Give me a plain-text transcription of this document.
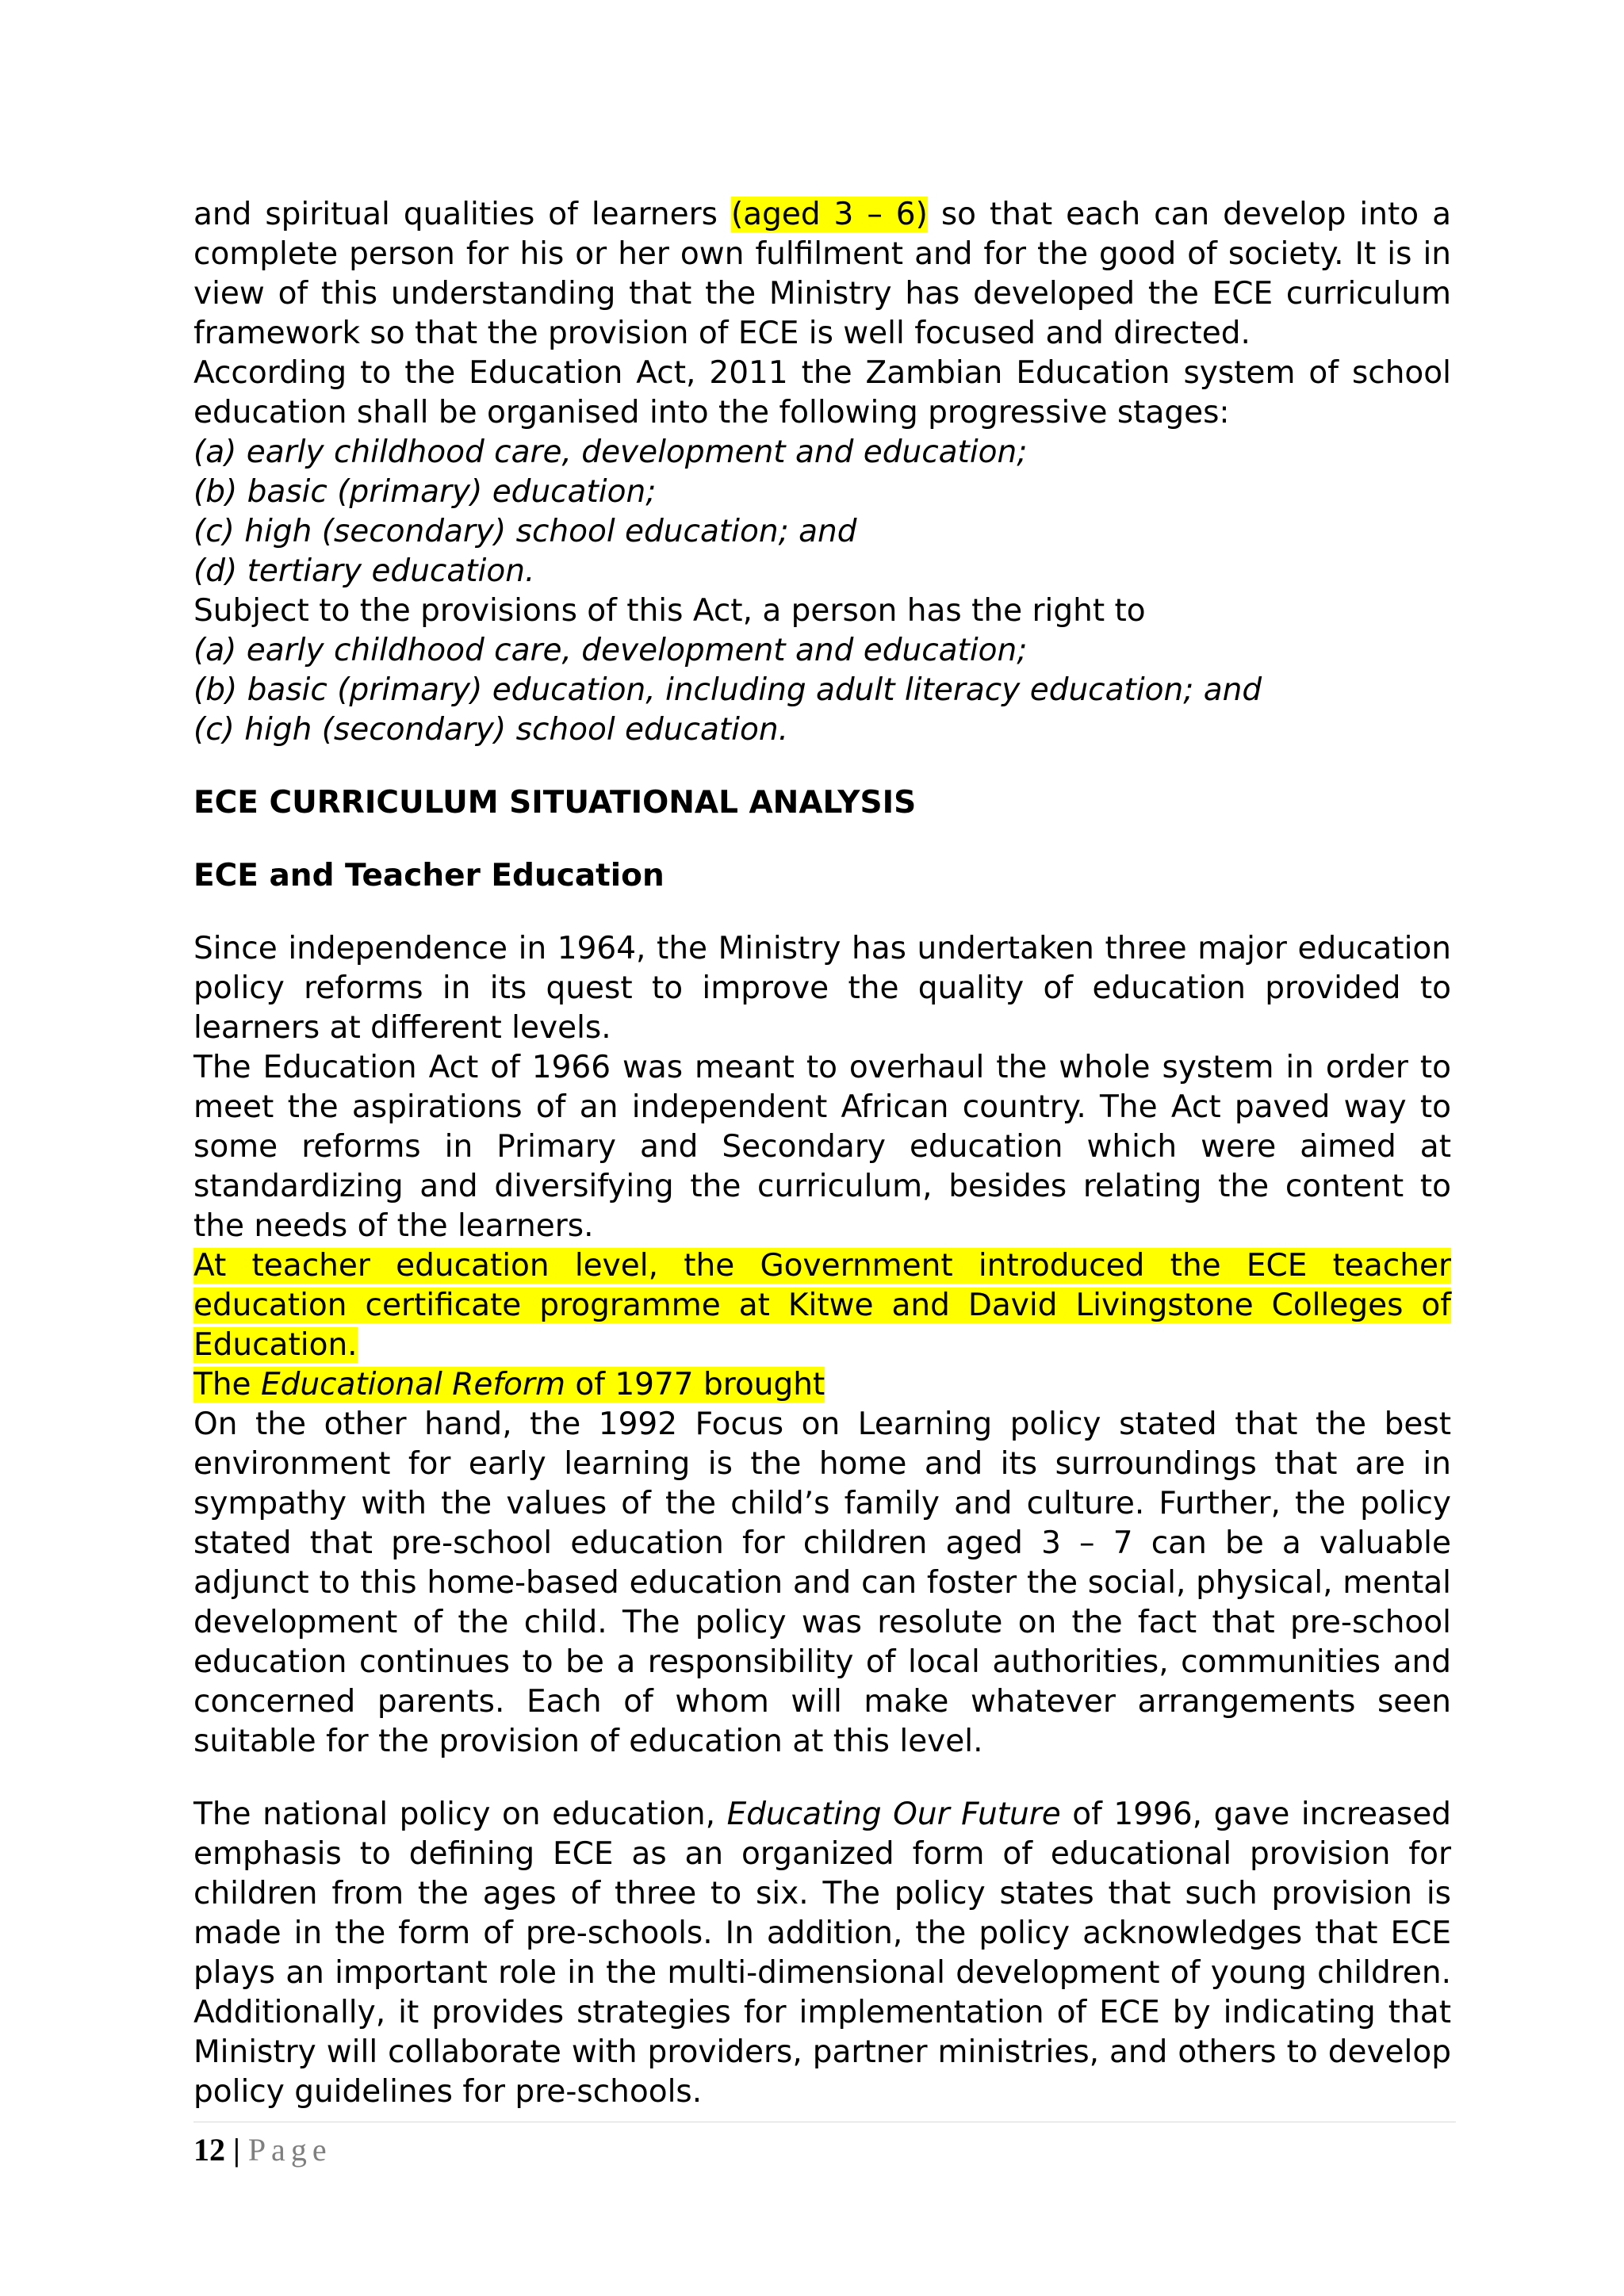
and spiritual qualities of learners (aged 3 – 6) so that each can develop into a complete person for his or her own fulfilment and for the good of society. It is in view of this understanding that the Ministry has developed the ECE curriculum framework so that the provision of ECE is well focused and directed.

According to the Education Act, 2011 the Zambian Education system of school education shall be organised into the following progressive stages:

(a) early childhood care, development and education;

(b) basic (primary) education;

(c) high (secondary) school education; and

(d) tertiary education.

Subject to the provisions of this Act, a person has the right to

(a) early childhood care, development and education;

(b) basic (primary) education, including adult literacy education; and

(c) high (secondary) school education.

ECE CURRICULUM SITUATIONAL ANALYSIS
ECE and Teacher Education

Since independence in 1964, the Ministry has undertaken three major education policy reforms in its quest to improve the quality of education provided to learners at different levels.

The Education Act of 1966 was meant to overhaul the whole system in order to meet the aspirations of an independent African country. The Act paved way to some reforms in Primary and Secondary education which were aimed at standardizing and diversifying the curriculum, besides relating the content to the needs of the learners.

At teacher education level, the Government introduced the ECE teacher education certificate programme at Kitwe and David Livingstone Colleges of Education.

The Educational Reform of 1977 brought

On the other hand, the 1992 Focus on Learning policy stated that the best environment for early learning is the home and its surroundings that are in sympathy with the values of the child’s family and culture. Further, the policy stated that pre-school education for children aged 3 – 7 can be a valuable adjunct to this home-based education and can foster the social, physical, mental development of the child. The policy was resolute on the fact that pre-school education continues to be a responsibility of local authorities, communities and concerned parents. Each of whom will make whatever arrangements seen suitable for the provision of education at this level.

The national policy on education, Educating Our Future of 1996, gave increased emphasis to defining ECE as an organized form of educational provision for children from the ages of three to six. The policy states that such provision is made in the form of pre-schools. In addition, the policy acknowledges that ECE plays an important role in the multi-dimensional development of young children. Additionally, it provides strategies for implementation of ECE by indicating that Ministry will collaborate with providers, partner ministries, and others to develop policy guidelines for pre-schools.

12 | Page
